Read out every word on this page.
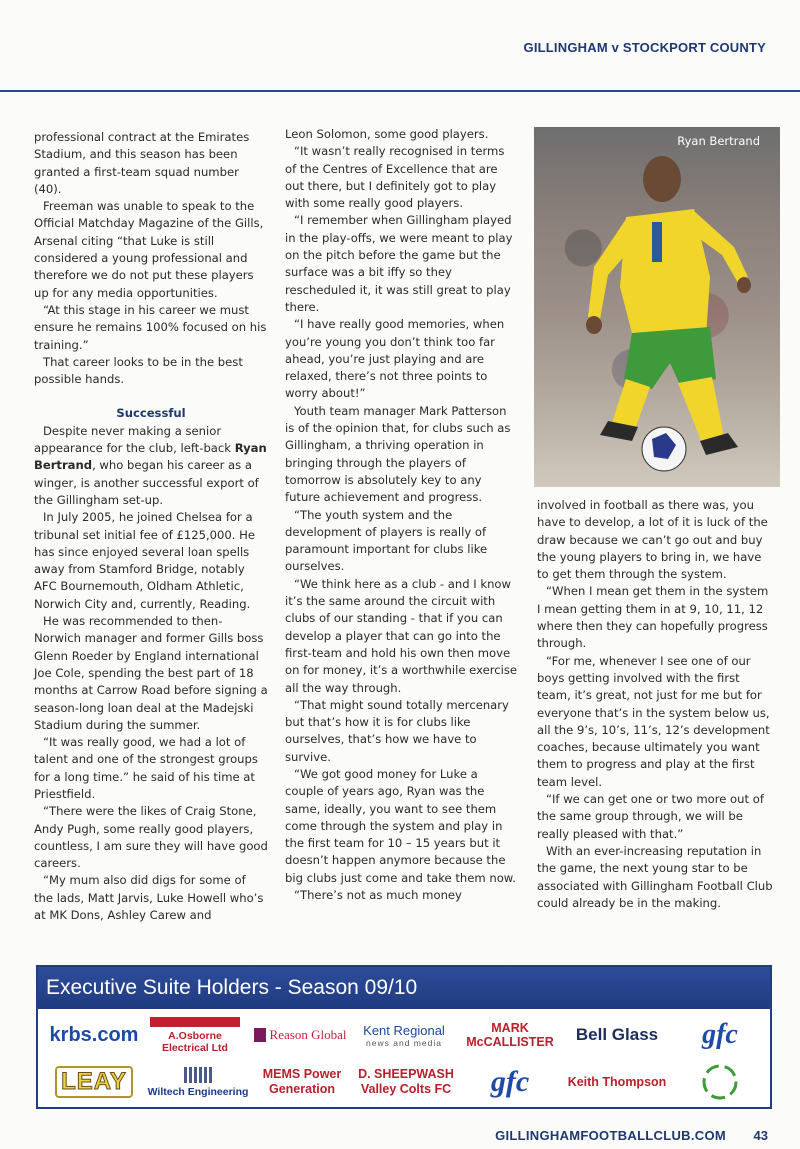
GILLINGHAM v STOCKPORT COUNTY

professional contract at the Emirates Stadium, and this season has been granted a first-team squad number (40).

Freeman was unable to speak to the Official Matchday Magazine of the Gills, Arsenal citing “that Luke is still considered a young professional and therefore we do not put these players up for any media opportunities.

“At this stage in his career we must ensure he remains 100% focused on his training.”

That career looks to be in the best possible hands.

Successful

Despite never making a senior appearance for the club, left-back Ryan Bertrand, who began his career as a winger, is another successful export of the Gillingham set-up.

In July 2005, he joined Chelsea for a tribunal set initial fee of £125,000. He has since enjoyed several loan spells away from Stamford Bridge, notably AFC Bournemouth, Oldham Athletic, Norwich City and, currently, Reading.

He was recommended to then-Norwich manager and former Gills boss Glenn Roeder by England international Joe Cole, spending the best part of 18 months at Carrow Road before signing a season-long loan deal at the Madejski Stadium during the summer.

“It was really good, we had a lot of talent and one of the strongest groups for a long time.” he said of his time at Priestfield.

“There were the likes of Craig Stone, Andy Pugh, some really good players, countless, I am sure they will have good careers.

“My mum also did digs for some of the lads, Matt Jarvis, Luke Howell who’s at MK Dons, Ashley Carew and

Leon Solomon, some good players.

“It wasn’t really recognised in terms of the Centres of Excellence that are out there, but I definitely got to play with some really good players.

“I remember when Gillingham played in the play-offs, we were meant to play on the pitch before the game but the surface was a bit iffy so they rescheduled it, it was still great to play there.

“I have really good memories, when you’re young you don’t think too far ahead, you’re just playing and are relaxed, there’s not three points to worry about!”

Youth team manager Mark Patterson is of the opinion that, for clubs such as Gillingham, a thriving operation in bringing through the players of tomorrow is absolutely key to any future achievement and progress.

“The youth system and the development of players is really of paramount important for clubs like ourselves.

“We think here as a club - and I know it’s the same around the circuit with clubs of our standing - that if you can develop a player that can go into the first-team and hold his own then move on for money, it’s a worthwhile exercise all the way through.

“That might sound totally mercenary but that’s how it is for clubs like ourselves, that’s how we have to survive.

“We got good money for Luke a couple of years ago, Ryan was the same, ideally, you want to see them come through the system and play in the first team for 10 – 15 years but it doesn’t happen anymore because the big clubs just come and take them now.

“There’s not as much money

Ryan Bertrand

involved in football as there was, you have to develop, a lot of it is luck of the draw because we can’t go out and buy the young players to bring in, we have to get them through the system.

“When I mean get them in the system I mean getting them in at 9, 10, 11, 12 where then they can hopefully progress through.

“For me, whenever I see one of our boys getting involved with the first team, it’s great, not just for me but for everyone that’s in the system below us, all the 9’s, 10’s, 11’s, 12’s development coaches, because ultimately you want them to progress and play at the first team level.

“If we can get one or two more out of the same group through, we will be really pleased with that.”

With an ever-increasing reputation in the game, the next young star to be associated with Gillingham Football Club could already be in the making.

Executive Suite Holders - Season 09/10
krbs.com	A.Osborne Electrical Ltd
Reason Global Kent Regional
news and media
MARK McCALLISTER	Bell Glass	gfc
LEAY	Wiltech Engineering
MEMS Power Generation
D. SHEEPWASH Valley Colts FC	gfc	Keith Thompson
GILLINGHAMFOOTBALLCLUB.COM 43
